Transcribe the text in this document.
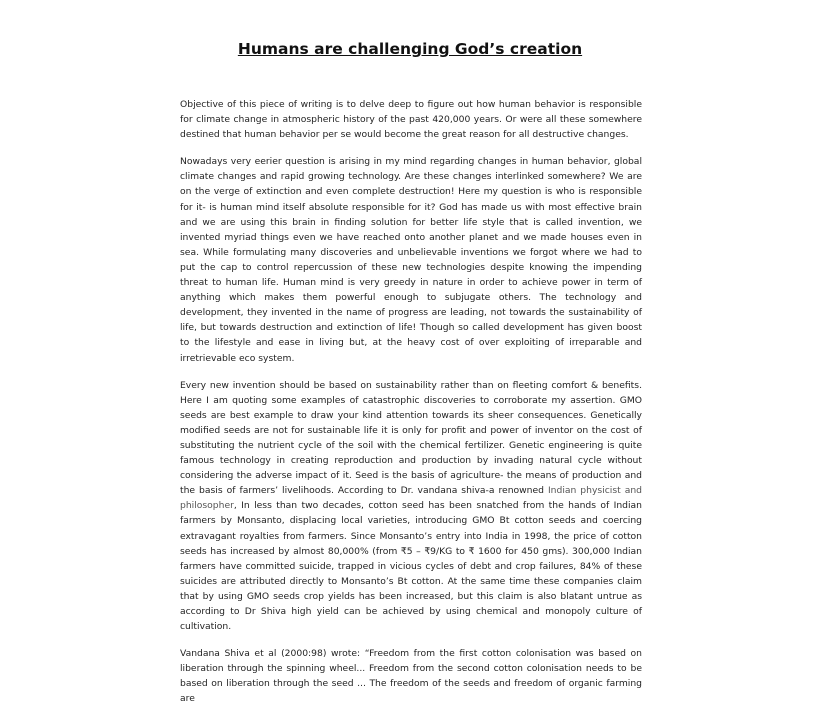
Humans are challenging God’s creation

Objective of this piece of writing is to delve deep to figure out how human behavior is responsible for climate change in atmospheric history of the past 420,000 years. Or were all these somewhere destined that human behavior per se would become the great reason for all destructive changes.

Nowadays very eerier question is arising in my mind regarding changes in human behavior, global climate changes and rapid growing technology. Are these changes interlinked somewhere? We are on the verge of extinction and even complete destruction! Here my question is who is responsible for it- is human mind itself absolute responsible for it? God has made us with most effective brain and we are using this brain in finding solution for better life style that is called invention, we invented myriad things even we have reached onto another planet and we made houses even in sea. While formulating many discoveries and unbelievable inventions we forgot where we had to put the cap to control repercussion of these new technologies despite knowing the impending threat to human life. Human mind is very greedy in nature in order to achieve power in term of anything which makes them powerful enough to subjugate others. The technology and development, they invented in the name of progress are leading, not towards the sustainability of life, but towards destruction and extinction of life! Though so called development has given boost to the lifestyle and ease in living but, at the heavy cost of over exploiting of irreparable and irretrievable eco system.

Every new invention should be based on sustainability rather than on fleeting comfort & benefits. Here I am quoting some examples of catastrophic discoveries to corroborate my assertion. GMO seeds are best example to draw your kind attention towards its sheer consequences. Genetically modified seeds are not for sustainable life it is only for profit and power of inventor on the cost of substituting the nutrient cycle of the soil with the chemical fertilizer. Genetic engineering is quite famous technology in creating reproduction and production by invading natural cycle without considering the adverse impact of it. Seed is the basis of agriculture- the means of production and the basis of farmers’ livelihoods. According to Dr. vandana shiva-a renowned Indian physicist and philosopher, In less than two decades, cotton seed has been snatched from the hands of Indian farmers by Monsanto, displacing local varieties, introducing GMO Bt cotton seeds and coercing extravagant royalties from farmers. Since Monsanto’s entry into India in 1998, the price of cotton seeds has increased by almost 80,000% (from ₹5 – ₹9/KG to ₹ 1600 for 450 gms). 300,000 Indian farmers have committed suicide, trapped in vicious cycles of debt and crop failures, 84% of these suicides are attributed directly to Monsanto’s Bt cotton. At the same time these companies claim that by using GMO seeds crop yields has been increased, but this claim is also blatant untrue as according to Dr Shiva high yield can be achieved by using chemical and monopoly culture of cultivation.

Vandana Shiva et al (2000:98) wrote: “Freedom from the first cotton colonisation was based on liberation through the spinning wheel... Freedom from the second cotton colonisation needs to be based on liberation through the seed ... The freedom of the seeds and freedom of organic farming are
